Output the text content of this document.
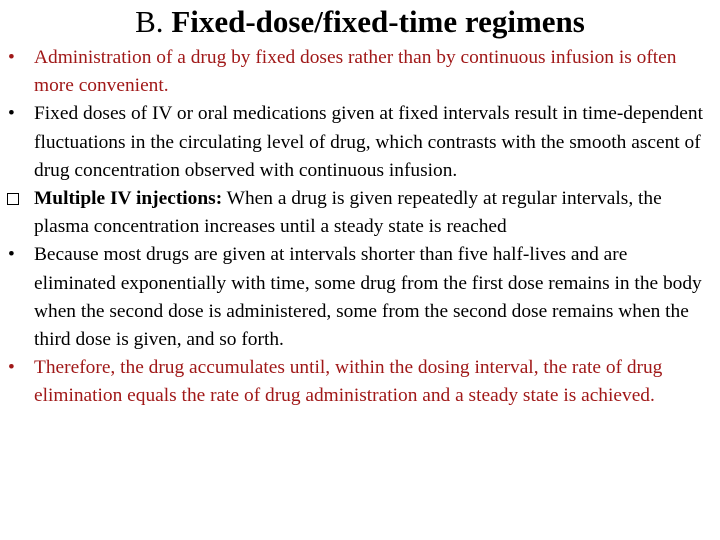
B. Fixed-dose/fixed-time regimens
• Administration of a drug by fixed doses rather than by continuous infusion is often more convenient.
• Fixed doses of IV or oral medications given at fixed intervals result in time-dependent fluctuations in the circulating level of drug, which contrasts with the smooth ascent of drug concentration observed with continuous infusion.
Multiple IV injections: When a drug is given repeatedly at regular intervals, the plasma concentration increases until a steady state is reached
• Because most drugs are given at intervals shorter than five half-lives and are eliminated exponentially with time, some drug from the first dose remains in the body when the second dose is administered, some from the second dose remains when the third dose is given, and so forth.
• Therefore, the drug accumulates until, within the dosing interval, the rate of drug elimination equals the rate of drug administration and a steady state is achieved.
